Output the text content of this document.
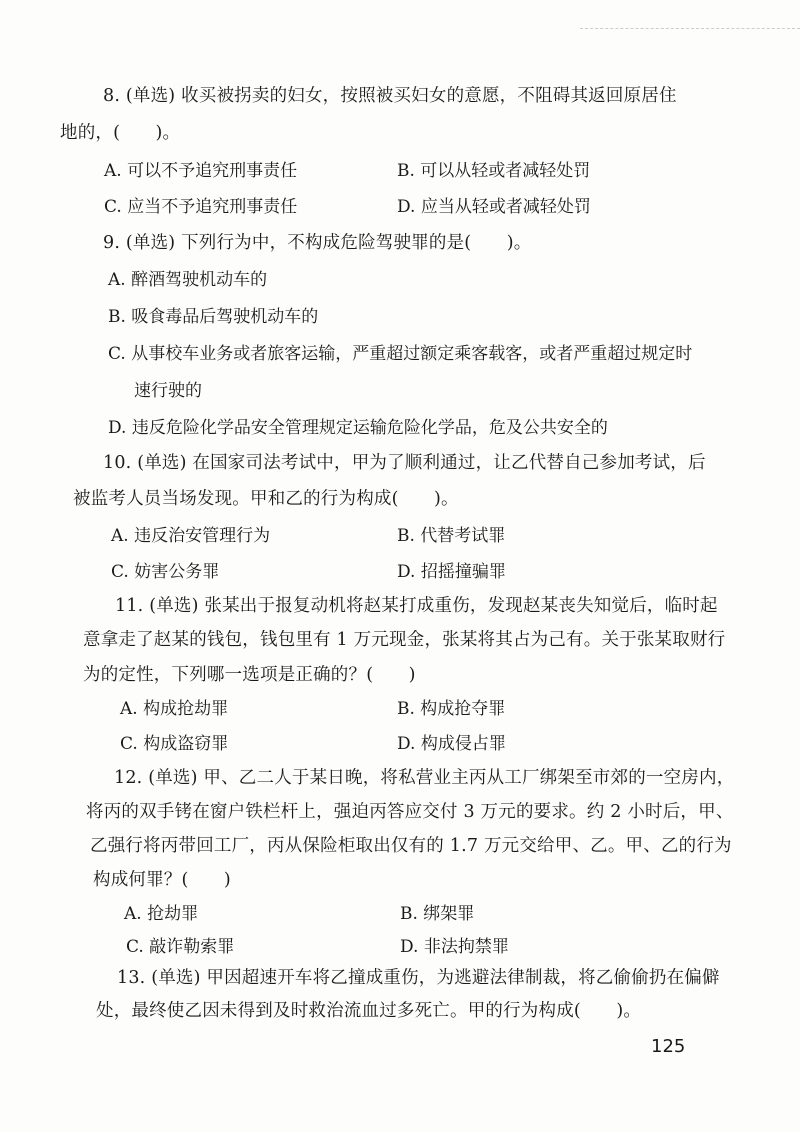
8. (单选) 收买被拐卖的妇女，按照被买妇女的意愿，不阻碍其返回原居住
地的，(　　)。
A. 可以不予追究刑事责任	B. 可以从轻或者减轻处罚
C. 应当不予追究刑事责任	D. 应当从轻或者减轻处罚
9. (单选) 下列行为中，不构成危险驾驶罪的是(　　)。
A. 醉酒驾驶机动车的
B. 吸食毒品后驾驶机动车的
C. 从事校车业务或者旅客运输，严重超过额定乘客载客，或者严重超过规定时
速行驶的
D. 违反危险化学品安全管理规定运输危险化学品，危及公共安全的
10. (单选) 在国家司法考试中，甲为了顺利通过，让乙代替自己参加考试，后
被监考人员当场发现。甲和乙的行为构成(　　)。
A. 违反治安管理行为	B. 代替考试罪
C. 妨害公务罪	D. 招摇撞骗罪
11. (单选) 张某出于报复动机将赵某打成重伤，发现赵某丧失知觉后，临时起
意拿走了赵某的钱包，钱包里有 1 万元现金，张某将其占为己有。关于张某取财行
为的定性，下列哪一选项是正确的？(　　)
A. 构成抢劫罪	B. 构成抢夺罪
C. 构成盗窃罪	D. 构成侵占罪
12. (单选) 甲、乙二人于某日晚，将私营业主丙从工厂绑架至市郊的一空房内，
将丙的双手铐在窗户铁栏杆上，强迫丙答应交付 3 万元的要求。约 2 小时后，甲、
乙强行将丙带回工厂，丙从保险柜取出仅有的 1.7 万元交给甲、乙。甲、乙的行为
构成何罪？(　　)
A. 抢劫罪	B. 绑架罪
C. 敲诈勒索罪	D. 非法拘禁罪
13. (单选) 甲因超速开车将乙撞成重伤，为逃避法律制裁，将乙偷偷扔在偏僻
处，最终使乙因未得到及时救治流血过多死亡。甲的行为构成(　　)。
125
